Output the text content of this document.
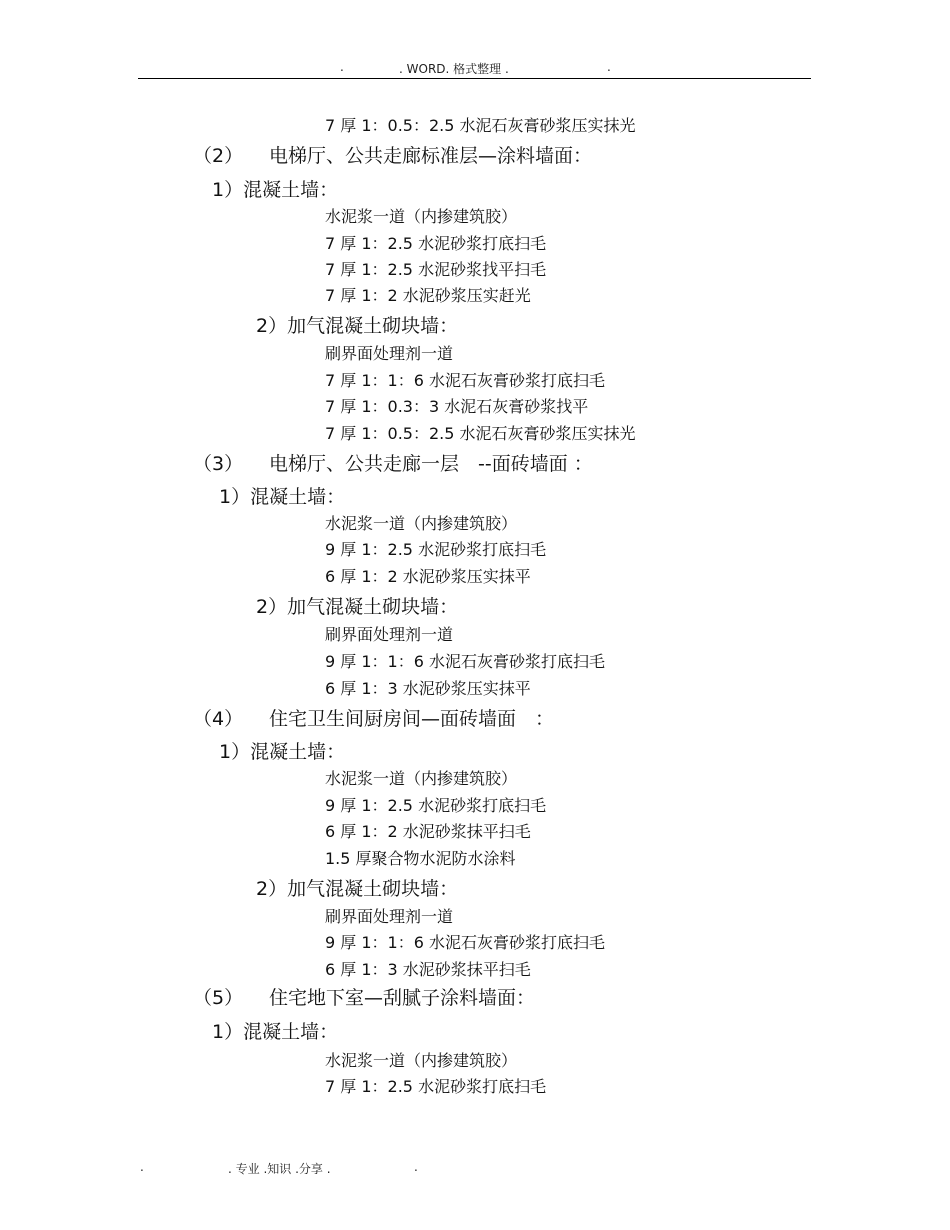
.	. WORD. 格式整理 .	.
7 厚 1：0.5：2.5 水泥石灰膏砂浆压实抹光
（2） 电梯厅、公共走廊标准层—涂料墙面：
1）混凝土墙：
水泥浆一道（内掺建筑胶）
7 厚 1：2.5 水泥砂浆打底扫毛
7 厚 1：2.5 水泥砂浆找平扫毛
7 厚 1：2 水泥砂浆压实赶光
2）加气混凝土砌块墙：
刷界面处理剂一道
7 厚 1：1：6 水泥石灰膏砂浆打底扫毛
7 厚 1：0.3：3 水泥石灰膏砂浆找平
7 厚 1：0.5：2.5 水泥石灰膏砂浆压实抹光
（3） 电梯厅、公共走廊一层　--面砖墙面 ：
1）混凝土墙：
水泥浆一道（内掺建筑胶）
9 厚 1：2.5 水泥砂浆打底扫毛
6 厚 1：2 水泥砂浆压实抹平
2）加气混凝土砌块墙：
刷界面处理剂一道
9 厚 1：1：6 水泥石灰膏砂浆打底扫毛
6 厚 1：3 水泥砂浆压实抹平
（4） 住宅卫生间厨房间—面砖墙面　：
1）混凝土墙：
水泥浆一道（内掺建筑胶）
9 厚 1：2.5 水泥砂浆打底扫毛
6 厚 1：2 水泥砂浆抹平扫毛
1.5 厚聚合物水泥防水涂料
2）加气混凝土砌块墙：
刷界面处理剂一道
9 厚 1：1：6 水泥石灰膏砂浆打底扫毛
6 厚 1：3 水泥砂浆抹平扫毛
（5） 住宅地下室—刮腻子涂料墙面：
1）混凝土墙：
水泥浆一道（内掺建筑胶）
7 厚 1：2.5 水泥砂浆打底扫毛
.	. 专业 .知识 .分享 .	.
